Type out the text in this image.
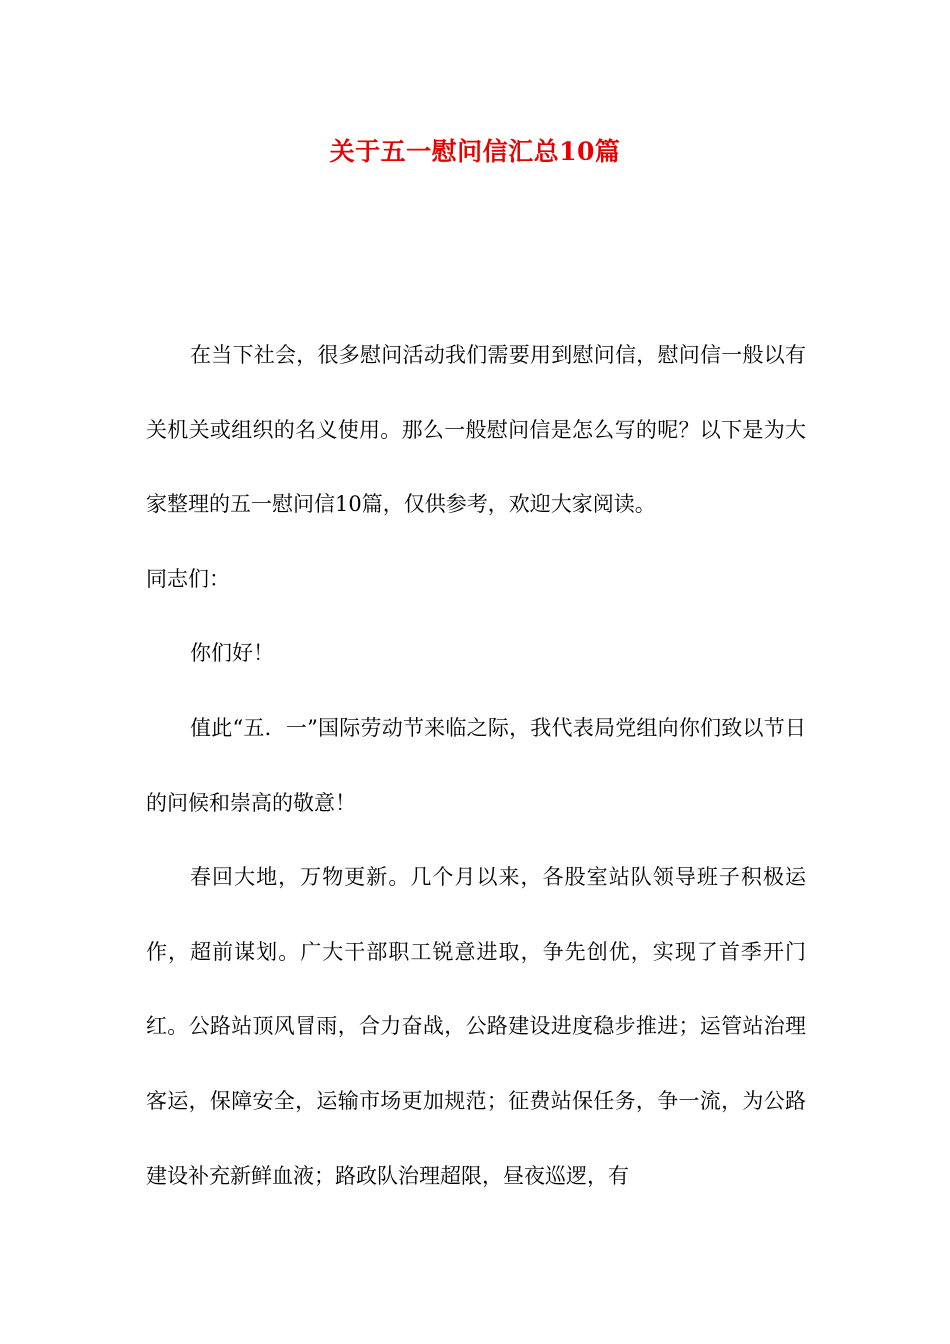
关于五一慰问信汇总10篇

在当下社会，很多慰问活动我们需要用到慰问信，慰问信一般以有关机关或组织的名义使用。那么一般慰问信是怎么写的呢？以下是为大家整理的五一慰问信10篇，仅供参考，欢迎大家阅读。

同志们：

你们好！

值此“五．一”国际劳动节来临之际，我代表局党组向你们致以节日的问候和崇高的敬意！

春回大地，万物更新。几个月以来，各股室站队领导班子积极运作，超前谋划。广大干部职工锐意进取，争先创优，实现了首季开门红。公路站顶风冒雨，合力奋战，公路建设进度稳步推进；运管站治理客运，保障安全，运输市场更加规范；征费站保任务，争一流，为公路建设补充新鲜血液；路政队治理超限，昼夜巡逻，有
